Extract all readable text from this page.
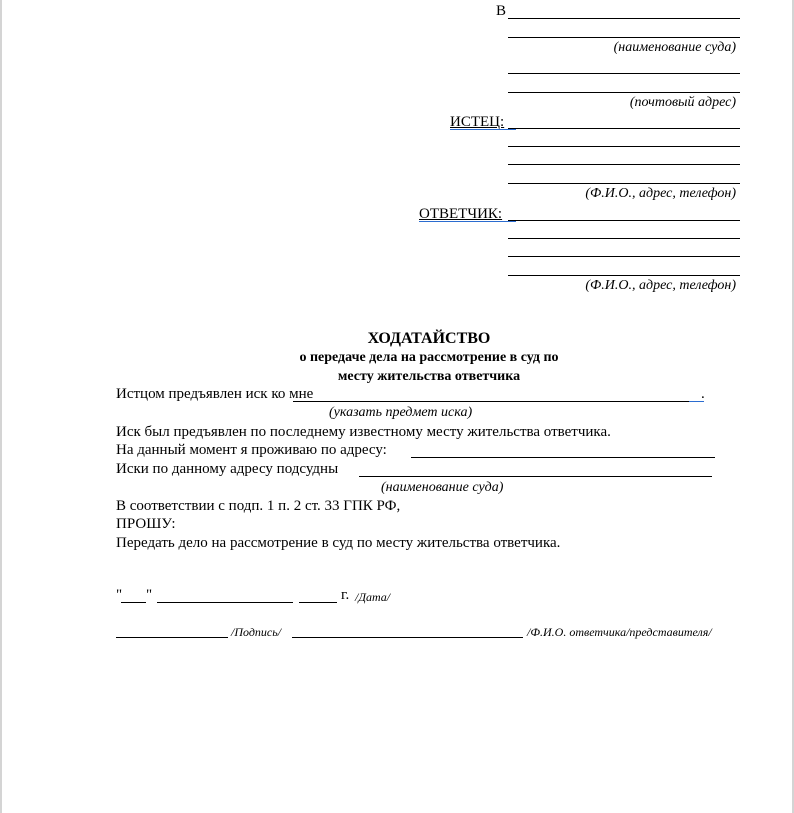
В
(наименование суда)
(почтовый адрес)
ИСТЕЦ:
(Ф.И.О., адрес, телефон)
ОТВЕТЧИК:
(Ф.И.О., адрес, телефон)
ХОДАТАЙСТВО
о передаче дела на рассмотрение в суд по
месту жительства ответчика
Истцом предъявлен иск ко мне	.
(указать предмет иска)
Иск был предъявлен по последнему известному месту жительства ответчика.
На данный момент я проживаю по адресу:
Иски по данному адресу подсудны
(наименование суда)
В соответствии с подп. 1 п. 2 ст. 33 ГПК РФ,
ПРОШУ:
Передать дело на рассмотрение в суд по месту жительства ответчика.
" "	г. /Дата/
/Подпись/	/Ф.И.О. ответчика/представителя/
